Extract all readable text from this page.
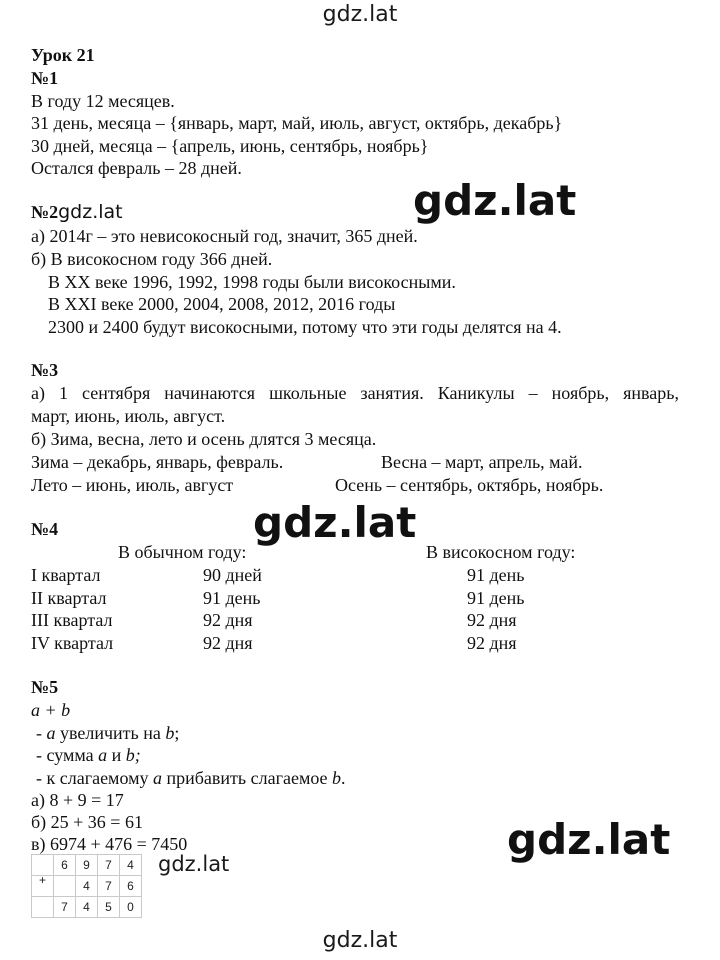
gdz.lat
gdz.lat
gdz.lat
gdz.lat
gdz.lat
gdz.lat
Урок 21
№1
В году 12 месяцев.
31 день, месяца – {январь, март, май, июль, август, октябрь, декабрь}
30 дней, месяца – {апрель, июнь, сентябрь, ноябрь}
Остался февраль – 28 дней.
№2gdz.lat
а) 2014г – это невисокосный год, значит, 365 дней.
б) В високосном году 366 дней.
В XX веке 1996, 1992, 1998 годы были високосными.
В XXI веке 2000, 2004, 2008, 2012, 2016 годы
2300 и 2400 будут високосными, потому что эти годы делятся на 4.
№3
а) 1 сентября начинаются школьные занятия. Каникулы – ноябрь, январь,
март, июнь, июль, август.
б) Зима, весна, лето и осень длятся 3 месяца.
Зима – декабрь, январь, февраль.	Весна – март, апрель, май.
Лето – июнь, июль, август	Осень – сентябрь, октябрь, ноябрь.
№4
В обычном году:	В високосном году:
I квартал	90 дней	91 день
II квартал	91 день	91 день
III квартал	92 дня	92 дня
IV квартал	92 дня	92 дня
№5
a + b
- a увеличить на b;
- сумма a и b;
- к слагаемому a прибавить слагаемое b.
а) 8 + 9 = 17
б) 25 + 36 = 61
в) 6974 + 476 = 7450
	6	9	7	4
+		4	7	6
	7	4	5	0
